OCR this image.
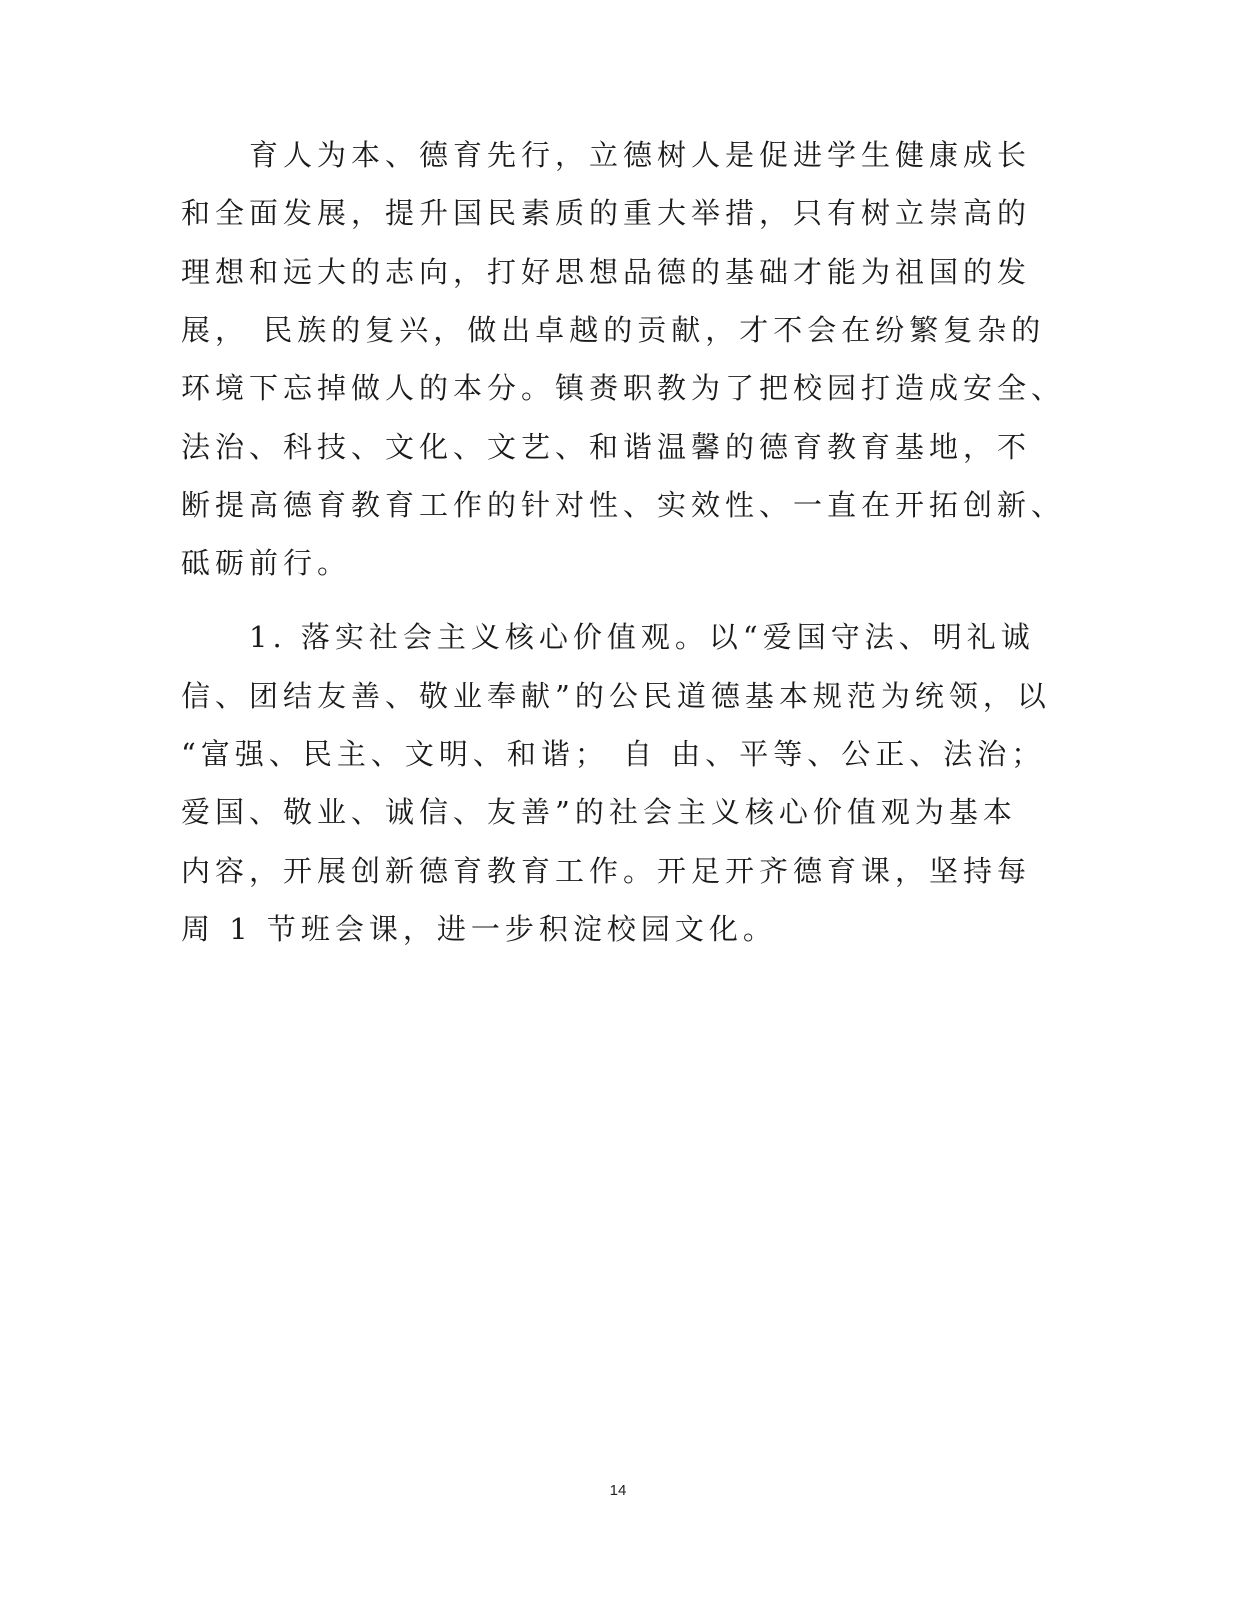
　　育人为本、德育先行，立德树人是促进学生健康成长
和全面发展，提升国民素质的重大举措，只有树立崇高的
理想和远大的志向，打好思想品德的基础才能为祖国的发
展， 民族的复兴，做出卓越的贡献，才不会在纷繁复杂的
环境下忘掉做人的本分。镇赉职教为了把校园打造成安全、
法治、科技、文化、文艺、和谐温馨的德育教育基地，不
断提高德育教育工作的针对性、实效性、一直在开拓创新、
砥砺前行。
　　1. 落实社会主义核心价值观。以“爱国守法、明礼诚
信、团结友善、敬业奉献”的公民道德基本规范为统领，以
“富强、民主、文明、和谐； 自 由、平等、公正、法治；
爱国、敬业、诚信、友善”的社会主义核心价值观为基本
内容，开展创新德育教育工作。开足开齐德育课，坚持每
周 1 节班会课，进一步积淀校园文化。
14
